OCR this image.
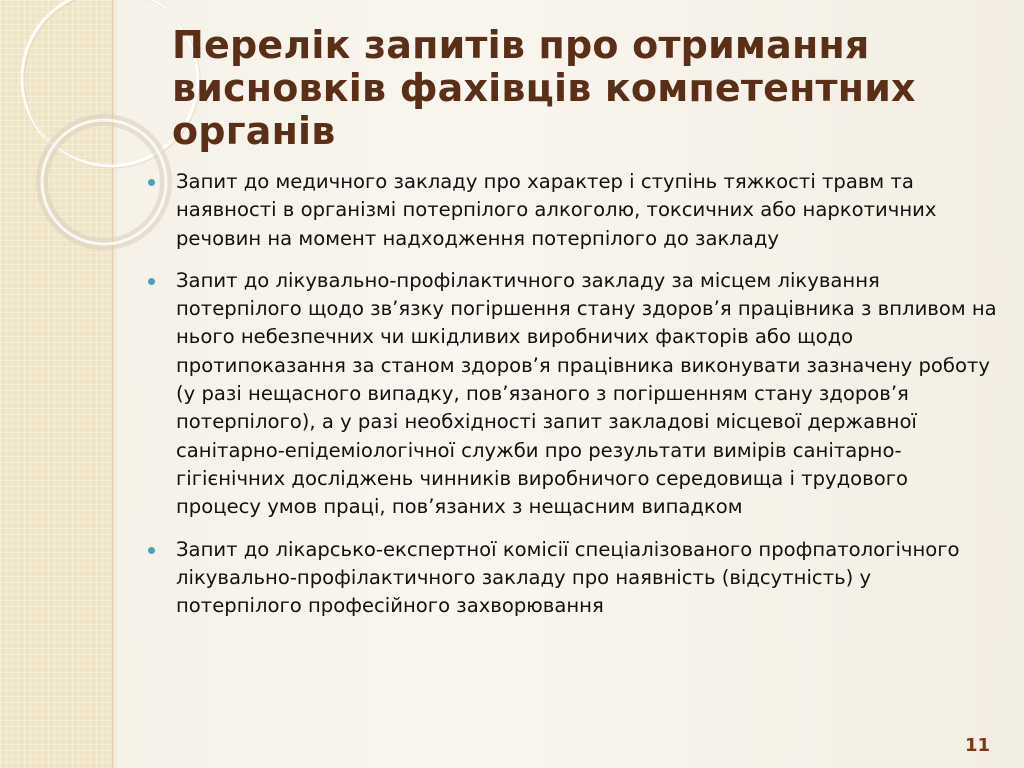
Перелік запитів про отримання висновків фахівців компетентних органів
Запит до медичного закладу про характер і ступінь тяжкості травм та наявності в організмі потерпілого алкоголю, токсичних або наркотичних речовин на момент надходження потерпілого до закладу
Запит до лікувально-профілактичного закладу за місцем лікування потерпілого щодо зв’язку погіршення стану здоров’я працівника з впливом на нього небезпечних чи шкідливих виробничих факторів або щодо протипоказання за станом здоров’я працівника виконувати зазначену роботу (у разі нещасного випадку, пов’язаного з погіршенням стану здоров’я потерпілого), а у разі необхідності запит закладові місцевої державної санітарно-епідеміологічної служби про результати вимірів санітарно-гігієнічних досліджень чинників виробничого середовища і трудового процесу умов праці, пов’язаних з нещасним випадком
Запит до лікарсько-експертної комісії спеціалізованого профпатологічного лікувально-профілактичного закладу про наявність (відсутність) у потерпілого професійного захворювання
11
